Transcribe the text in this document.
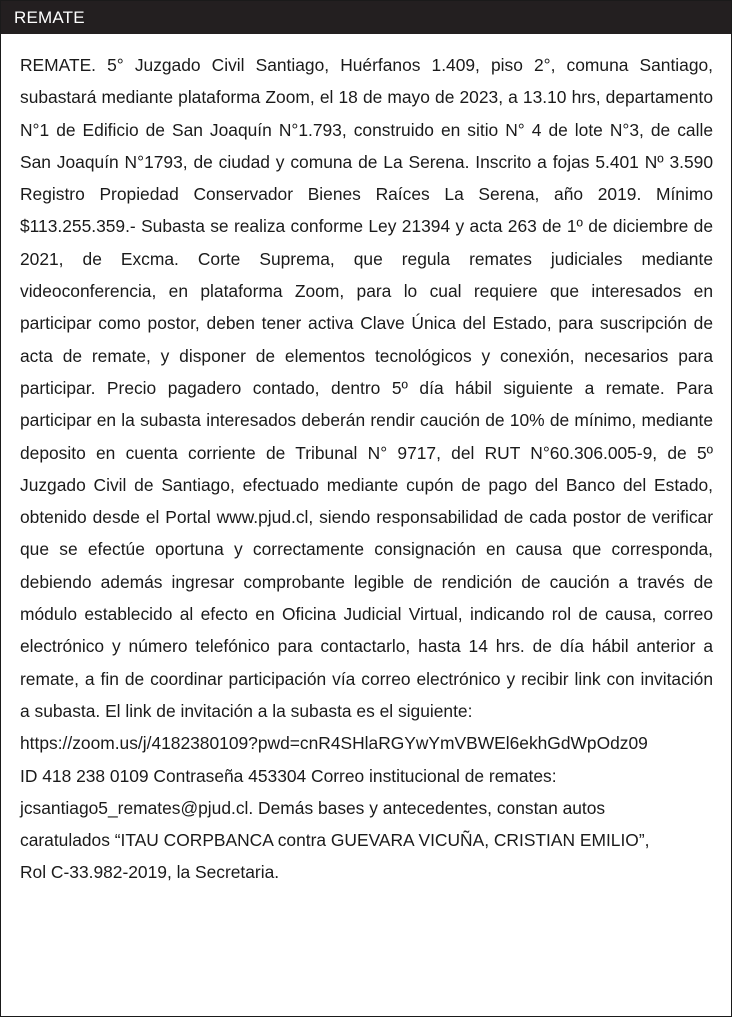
REMATE

REMATE. 5° Juzgado Civil Santiago, Huérfanos 1.409, piso 2°, comuna Santiago, subastará mediante plataforma Zoom, el 18 de mayo de 2023, a 13.10 hrs, departamento N°1 de Edificio de San Joaquín N°1.793, construido en sitio N° 4 de lote N°3, de calle San Joaquín N°1793, de ciudad y comuna de La Serena. Inscrito a fojas 5.401 Nº 3.590 Registro Propiedad Conservador Bienes Raíces La Serena, año 2019. Mínimo $113.255.359.- Subasta se realiza conforme Ley 21394 y acta 263 de 1º de diciembre de 2021, de Excma. Corte Suprema, que regula remates judiciales mediante videoconferencia, en plataforma Zoom, para lo cual requiere que interesados en participar como postor, deben tener activa Clave Única del Estado, para suscripción de acta de remate, y disponer de elementos tecnológicos y conexión, necesarios para participar. Precio pagadero contado, dentro 5º día hábil siguiente a remate. Para participar en la subasta interesados deberán rendir caución de 10% de mínimo, mediante deposito en cuenta corriente de Tribunal N° 9717, del RUT N°60.306.005-9, de 5º Juzgado Civil de Santiago, efectuado mediante cupón de pago del Banco del Estado, obtenido desde el Portal www.pjud.cl, siendo responsabilidad de cada postor de verificar que se efectúe oportuna y correctamente consignación en causa que corresponda, debiendo además ingresar comprobante legible de rendición de caución a través de módulo establecido al efecto en Oficina Judicial Virtual, indicando rol de causa, correo electrónico y número telefónico para contactarlo, hasta 14 hrs. de día hábil anterior a remate, a fin de coordinar participación vía correo electrónico y recibir link con invitación a subasta. El link de invitación a la subasta es el siguiente:

https://zoom.us/j/4182380109?pwd=cnR4SHlaRGYwYmVBWEl6ekhGdWpOdz09
ID 418 238 0109 Contraseña 453304 Correo institucional de remates:
jcsantiago5_remates@pjud.cl. Demás bases y antecedentes, constan autos
caratulados “ITAU CORPBANCA contra GUEVARA VICUÑA, CRISTIAN EMILIO”,
Rol C-33.982-2019, la Secretaria.
